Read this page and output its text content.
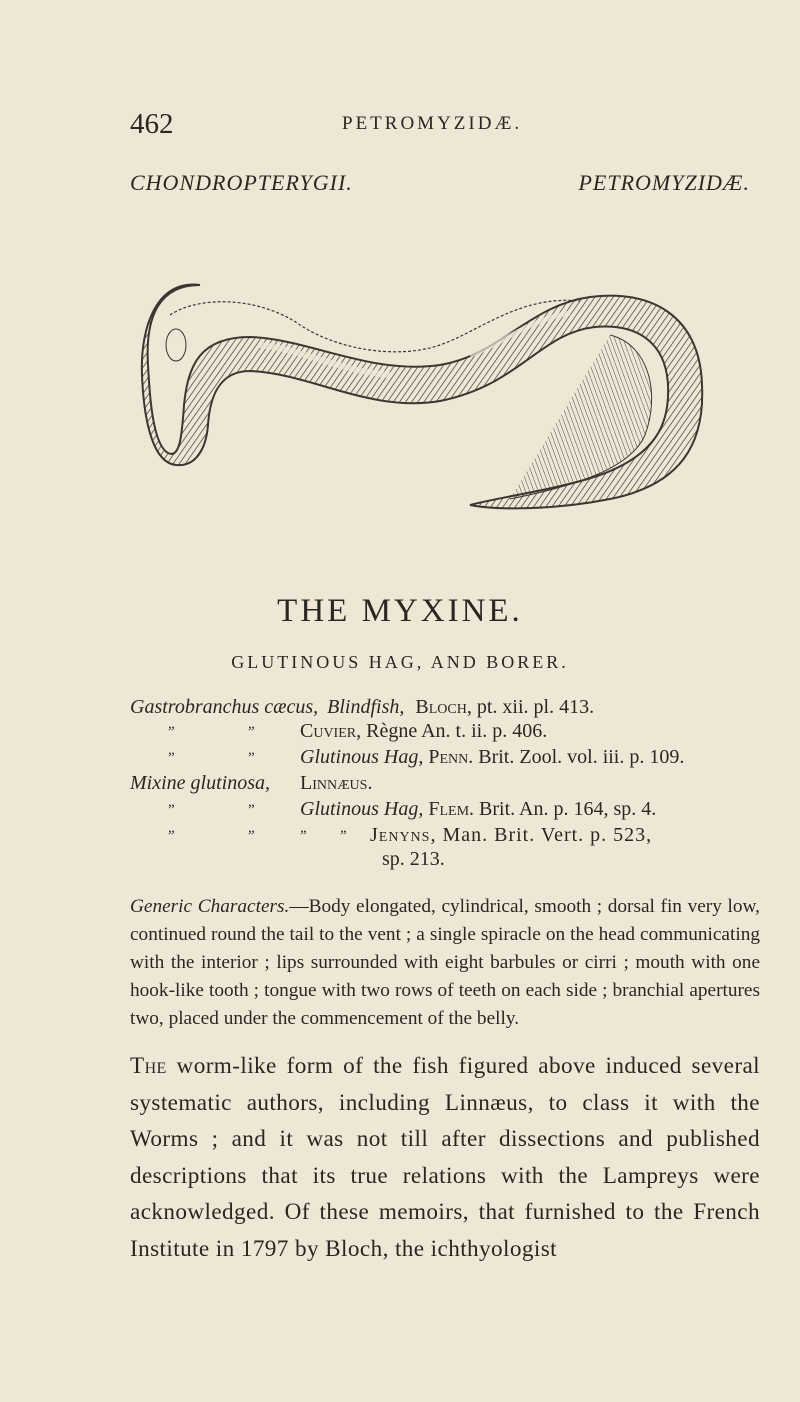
462	PETROMYZIDÆ.
CHONDROPTERYGII.	PETROMYZIDÆ.
THE MYXINE.
GLUTINOUS HAG, AND BORER.
Gastrobranchus cæcus, Blindfish, Bloch, pt. xii. pl. 413.
”	” Cuvier, Règne An. t. ii. p. 406.
”	” Glutinous Hag, Penn. Brit. Zool. vol. iii. p. 109.
Mixine glutinosa, Linnæus.
”	” Glutinous Hag, Flem. Brit. An. p. 164, sp. 4.
”	”	” ” Jenyns, Man. Brit. Vert. p. 523,
sp. 213.
Generic Characters.—Body elongated, cylindrical, smooth ; dorsal fin very low, continued round the tail to the vent ; a single spiracle on the head communicating with the interior ; lips surrounded with eight barbules or cirri ; mouth with one hook-like tooth ; tongue with two rows of teeth on each side ; branchial apertures two, placed under the commencement of the belly.
The worm-like form of the fish figured above induced several systematic authors, including Linnæus, to class it with the Worms ; and it was not till after dissections and published descriptions that its true relations with the Lampreys were acknowledged. Of these memoirs, that furnished to the French Institute in 1797 by Bloch, the ichthyologist
